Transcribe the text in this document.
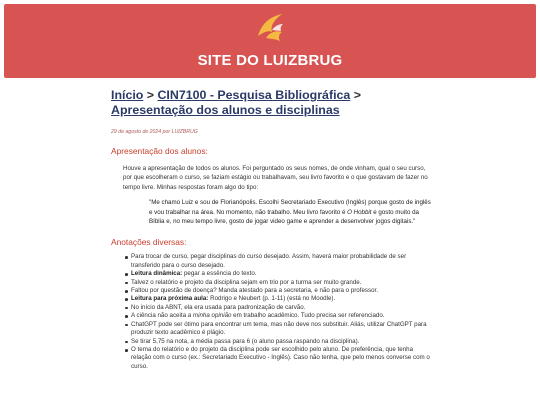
SITE DO LUIZBRUG
Início > CIN7100 - Pesquisa Bibliográfica > Apresentação dos alunos e disciplinas
29 de agosto de 2024 por LUIZBRUG
Apresentação dos alunos:

Houve a apresentação de todos os alunos. Foi perguntado os seus nomes, de onde vinham, qual o seu curso, por que escolheram o curso, se faziam estágio ou trabalhavam, seu livro favorito e o que gostavam de fazer no tempo livre. Minhas respostas foram algo do tipo:

"Me chamo Luiz e sou de Florianópolis. Escolhi Secretariado Executivo (Inglês) porque gosto de inglês e vou trabalhar na área. No momento, não trabalho. Meu livro favorito é O Hobbit e gosto muito da Bíblia e, no meu tempo livre, gosto de jogar video game e aprender a desenvolver jogos digitais."

Anotações diversas:
Para trocar de curso, pegar disciplinas do curso desejado. Assim, haverá maior probabilidade de ser transferido para o curso desejado.
Leitura dinâmica: pegar a essência do texto.
Talvez o relatório e projeto da disciplina sejam em trio por a turma ser muito grande.
Faltou por questão de doença? Manda atestado para a secretaria, e não para o professor.
Leitura para próxima aula: Rodrigo e Neubert (p. 1-11) (está no Moodle).
No início da ABNT, ela era usada para padronização de carvão.
A ciência não aceita a minha opinião em trabalho acadêmico. Tudo precisa ser referenciado.
ChatGPT pode ser ótimo para encontrar um tema, mas não deve nos substituir. Aliás, utilizar ChatGPT para produzir texto acadêmico é plágio.
Se tirar 5,75 na nota, a média passa para 6 (o aluno passa raspando na disciplina).
O tema do relatório e do projeto da disciplina pode ser escolhido pelo aluno. De preferência, que tenha relação com o curso (ex.: Secretariado Executivo - Inglês). Caso não tenha, que pelo menos converse com o curso.
